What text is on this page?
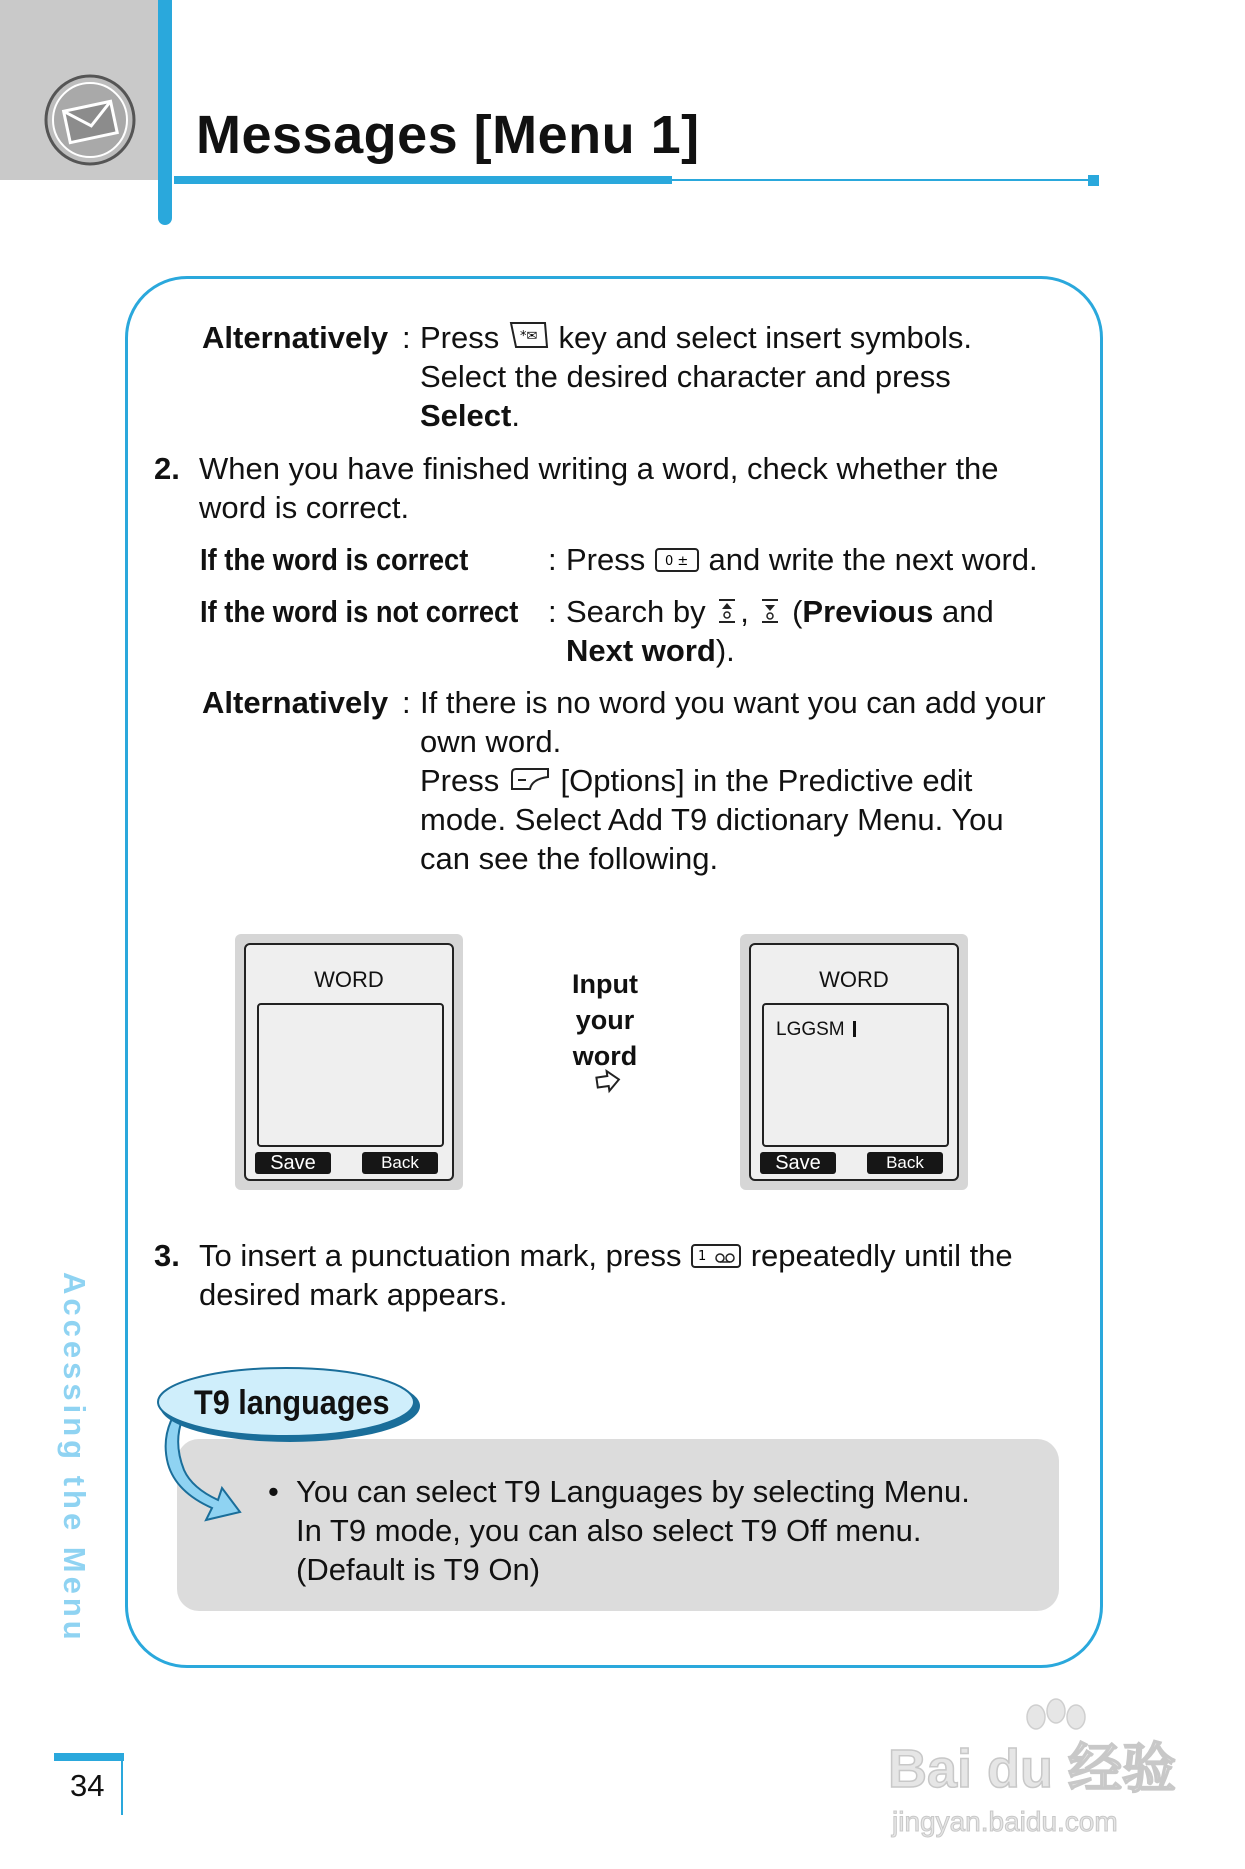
Messages [Menu 1]
Alternatively : Press *✉ key and select insert symbols.
Select the desired character and press
Select.
2. When you have finished writing a word, check whether the
word is correct.
If the word is correct	: Press 0 ± and write the next word.
If the word is not correct : Search by , (Previous and
Next word).
Alternatively : If there is no word you want you can add your
own word.
Press [Options] in the Predictive edit
mode. Select Add T9 dictionary Menu. You
can see the following.
WORD
Save	Back
Input
your word
WORD
LGGSM
Save	Back
3. To insert a punctuation mark, press 1 repeatedly until the
desired mark appears.
T9 languages
• You can select T9 Languages by selecting Menu.
In T9 mode, you can also select T9 Off menu.
(Default is T9 On)
Accessing the Menu
34	Bai du 经验
jingyan.baidu.com
